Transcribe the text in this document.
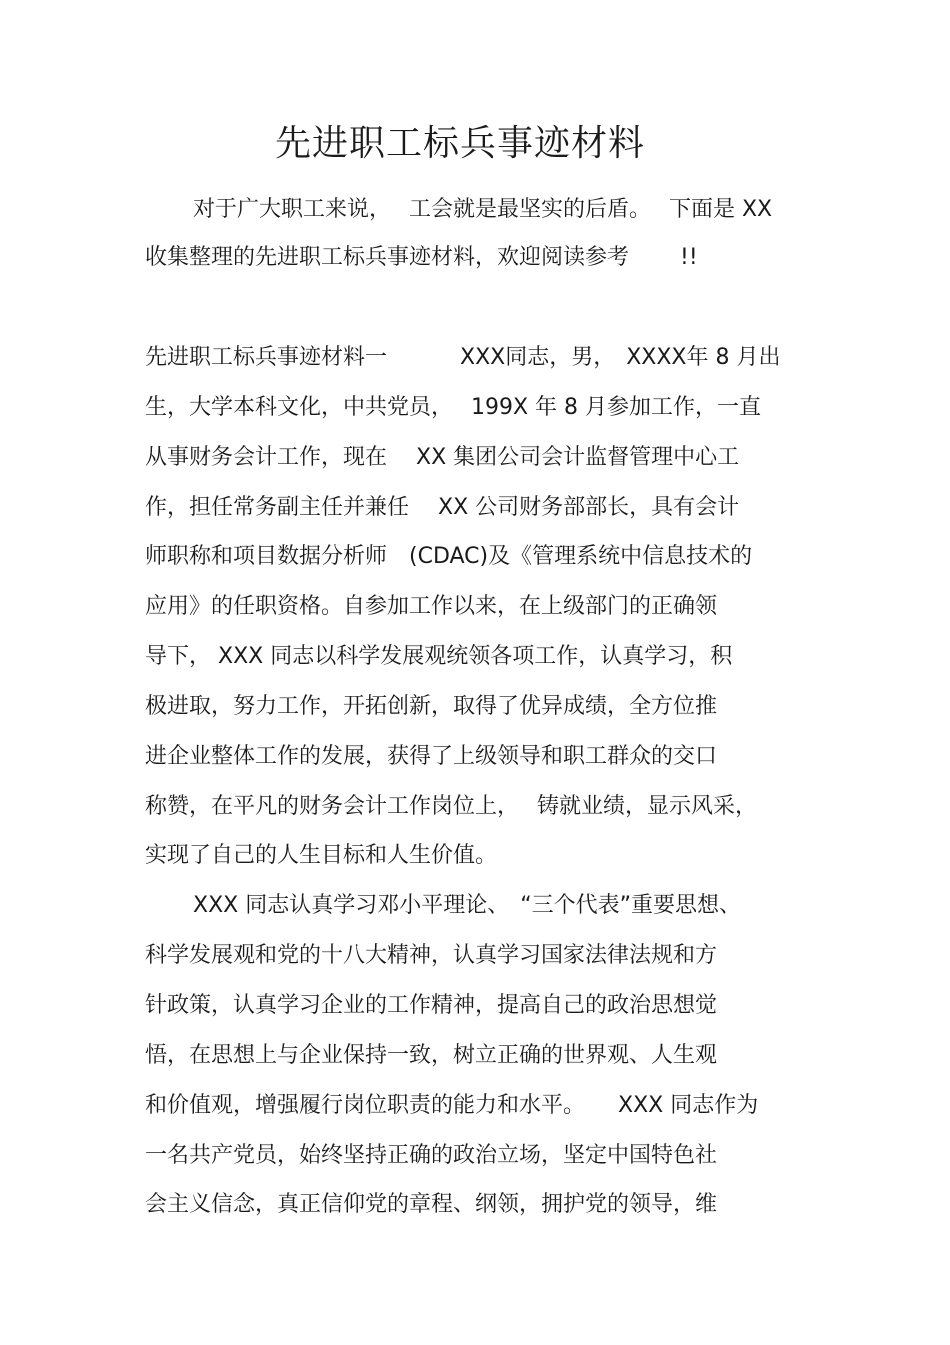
先进职工标兵事迹材料
对于广大职工来说，　 工会就是最坚实的后盾。　 下面是 XX
收集整理的先进职工标兵事迹材料，欢迎阅读参考　　 !!
先进职工标兵事迹材料一　　　 XXX同志，男，　XXXX年 8 月出
生，大学本科文化，中共党员，　 199X 年 8 月参加工作，一直
从事财务会计工作，现在　 XX 集团公司会计监督管理中心工
作，担任常务副主任并兼任　 XX 公司财务部部长，具有会计
师职称和项目数据分析师　(CDAC)及《管理系统中信息技术的
应用》的任职资格。自参加工作以来，在上级部门的正确领
导下， XXX 同志以科学发展观统领各项工作，认真学习，积
极进取，努力工作，开拓创新，取得了优异成绩，全方位推
进企业整体工作的发展，获得了上级领导和职工群众的交口
称赞，在平凡的财务会计工作岗位上，　 铸就业绩，显示风采，
实现了自己的人生目标和人生价值。
XXX 同志认真学习邓小平理论、　“三个代表”重要思想、
科学发展观和党的十八大精神，认真学习国家法律法规和方
针政策，认真学习企业的工作精神，提高自己的政治思想觉
悟，在思想上与企业保持一致，树立正确的世界观、人生观
和价值观，增强履行岗位职责的能力和水平。　　XXX 同志作为
一名共产党员，始终坚持正确的政治立场，坚定中国特色社
会主义信念，真正信仰党的章程、纲领，拥护党的领导，维
